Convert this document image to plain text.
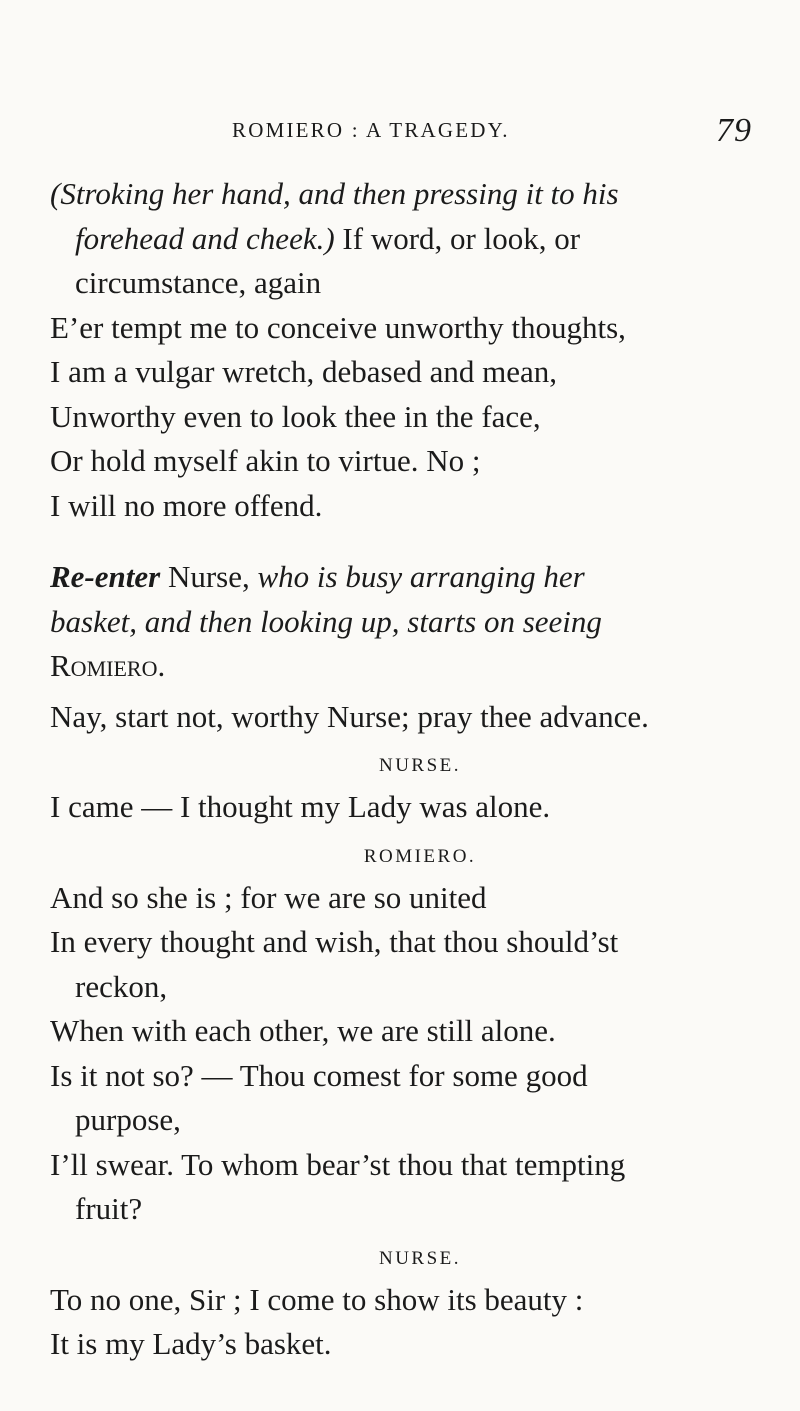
ROMIERO : A TRAGEDY.	79
(Stroking her hand, and then pressing it to his
forehead and cheek.) If word, or look, or
circumstance, again
E’er tempt me to conceive unworthy thoughts,
I am a vulgar wretch, debased and mean,
Unworthy even to look thee in the face,
Or hold myself akin to virtue. No ;
I will no more offend.
Re-enter Nurse, who is busy arranging her
basket, and then looking up, starts on seeing
Romiero.
Nay, start not, worthy Nurse; pray thee advance.
NURSE.
I came — I thought my Lady was alone.
ROMIERO.
And so she is ; for we are so united
In every thought and wish, that thou should’st
reckon,
When with each other, we are still alone.
Is it not so? — Thou comest for some good
purpose,
I’ll swear. To whom bear’st thou that tempting
fruit?
NURSE.
To no one, Sir ; I come to show its beauty :
It is my Lady’s basket.
